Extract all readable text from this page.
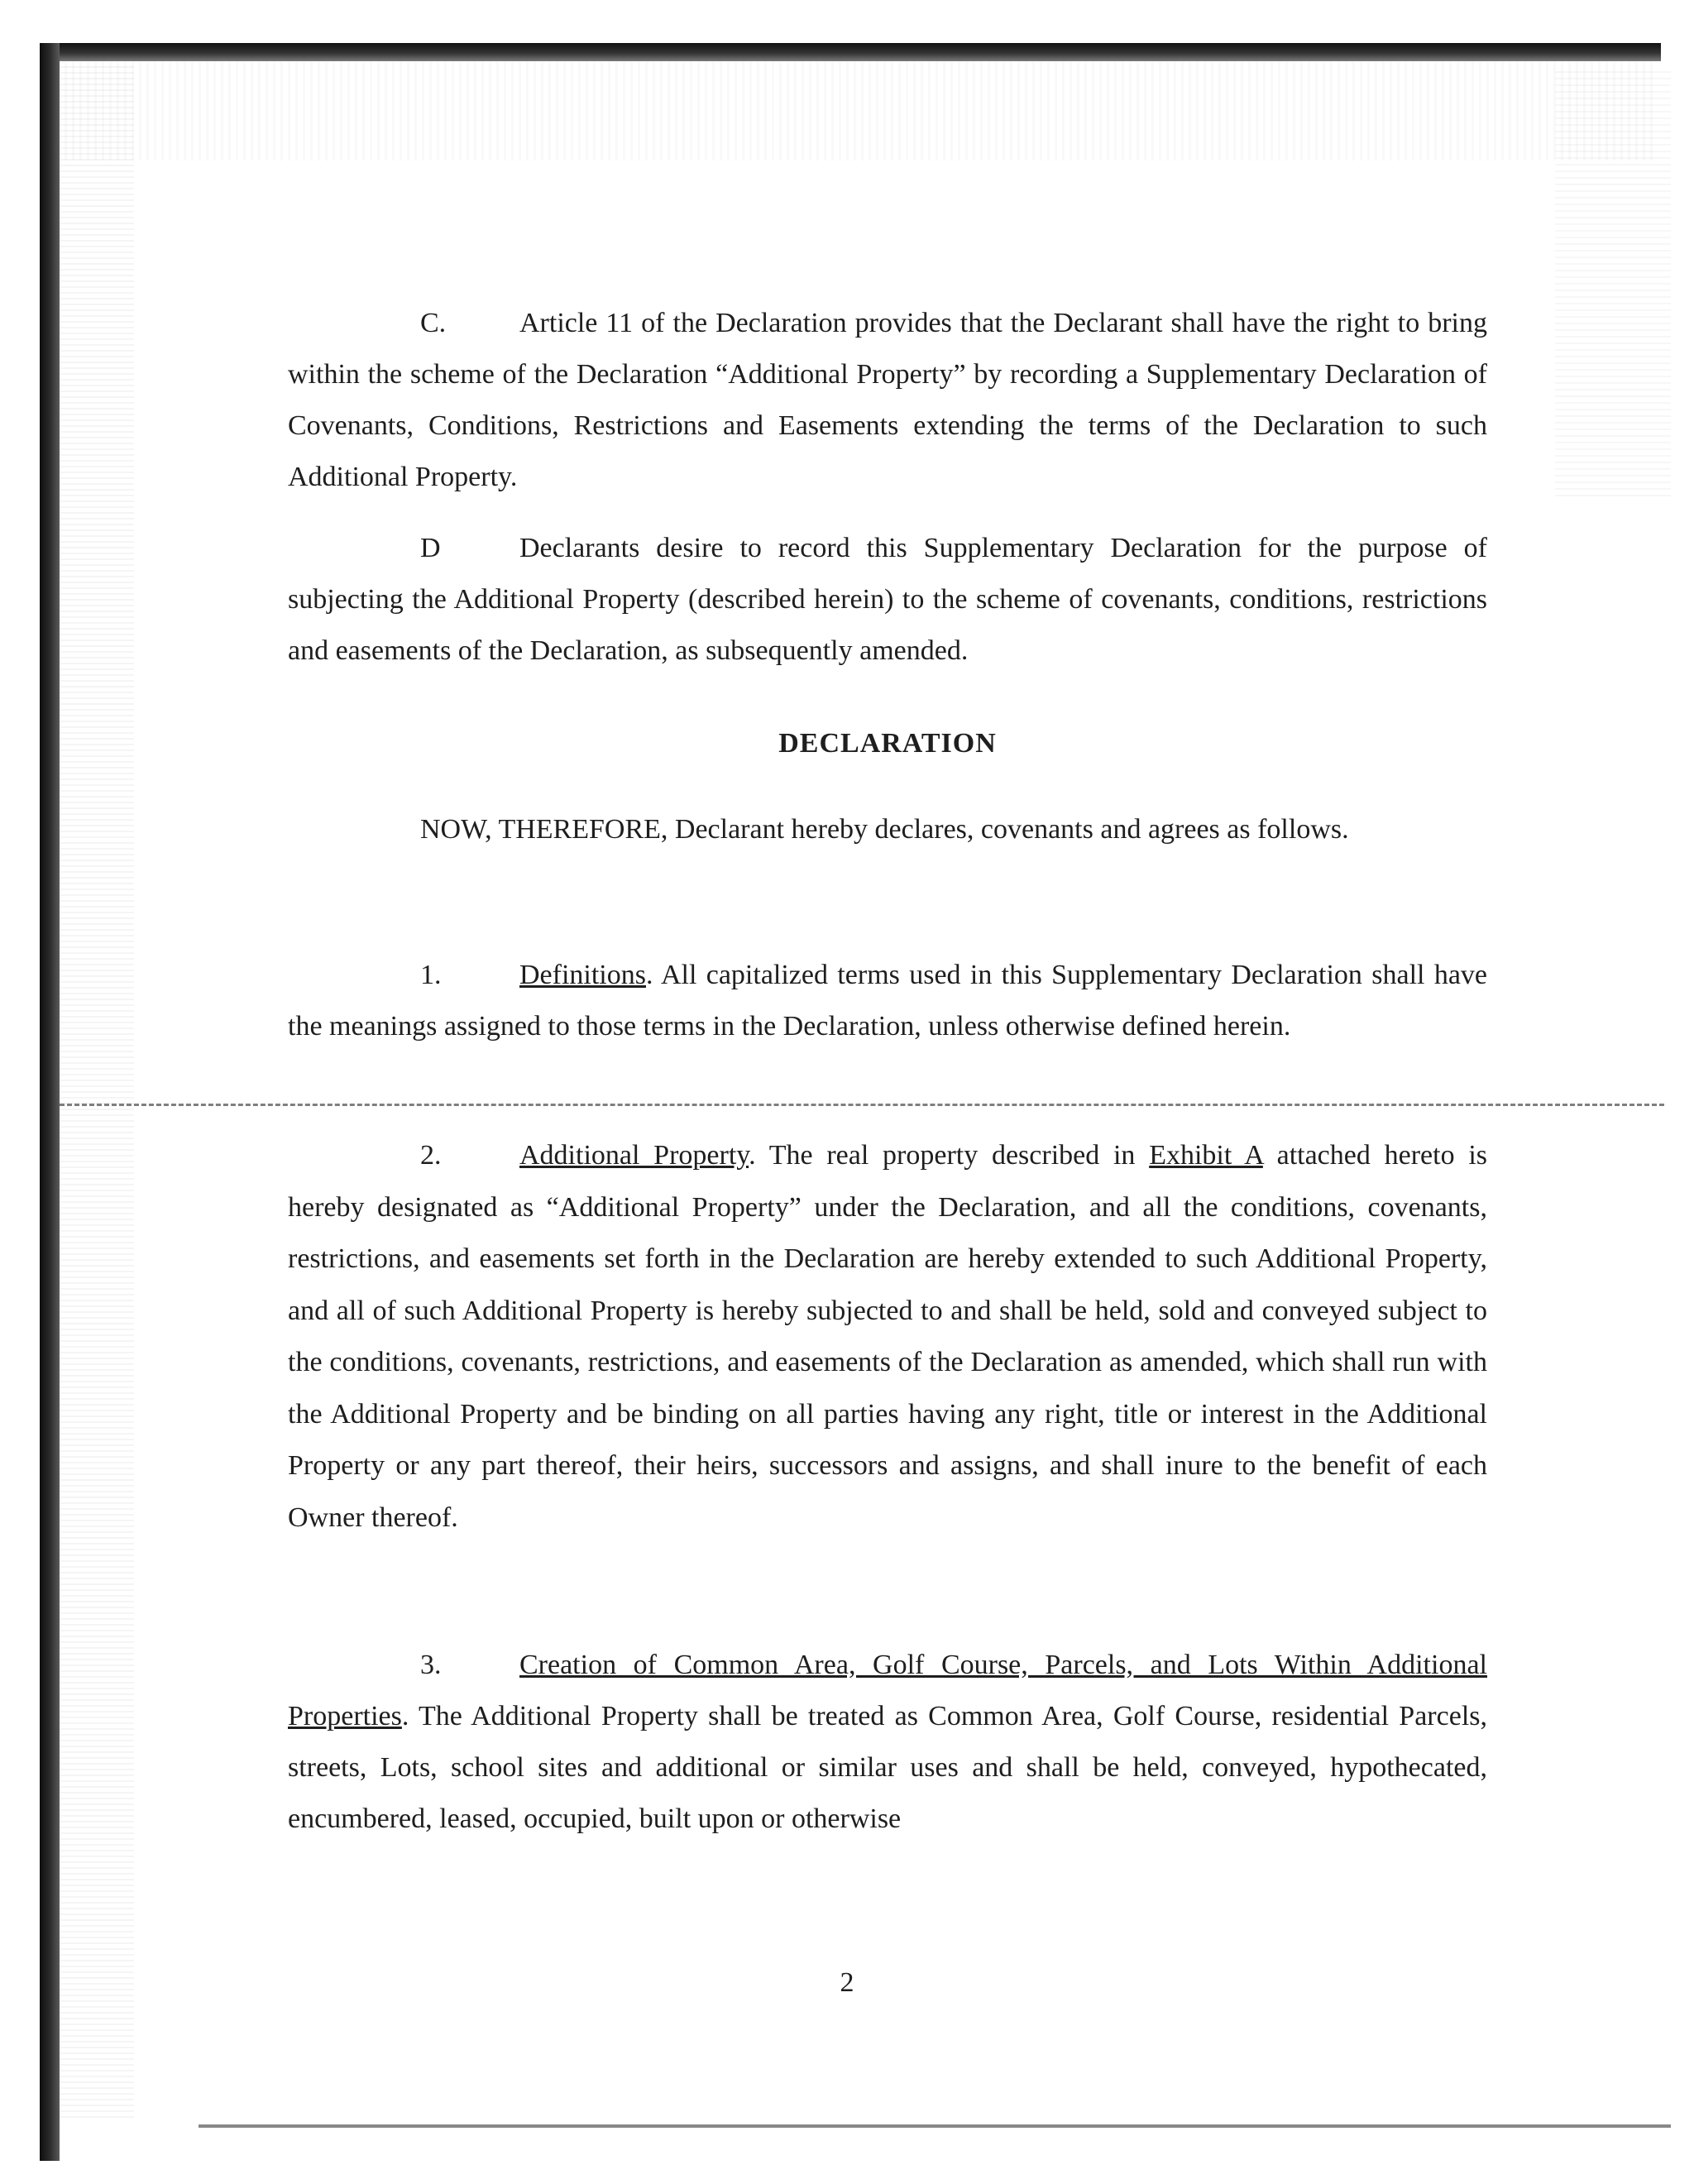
C.	Article 11 of the Declaration provides that the Declarant shall have the right to bring within the scheme of the Declaration “Additional Property” by recording a Supplementary Declaration of Covenants, Conditions, Restrictions and Easements extending the terms of the Declaration to such Additional Property.

D	Declarants desire to record this Supplementary Declaration for the purpose of subjecting the Additional Property (described herein) to the scheme of covenants, conditions, restrictions and easements of the Declaration, as subsequently amended.

DECLARATION

NOW, THEREFORE, Declarant hereby declares, covenants and agrees as follows.

1.	Definitions. All capitalized terms used in this Supplementary Declaration shall have the meanings assigned to those terms in the Declaration, unless otherwise defined herein.

2.	Additional Property. The real property described in Exhibit A attached hereto is hereby designated as “Additional Property” under the Declaration, and all the conditions, covenants, restrictions, and easements set forth in the Declaration are hereby extended to such Additional Property, and all of such Additional Property is hereby subjected to and shall be held, sold and conveyed subject to the conditions, covenants, restrictions, and easements of the Declaration as amended, which shall run with the Additional Property and be binding on all parties having any right, title or interest in the Additional Property or any part thereof, their heirs, successors and assigns, and shall inure to the benefit of each Owner thereof.

3.	Creation of Common Area, Golf Course, Parcels, and Lots Within Additional Properties. The Additional Property shall be treated as Common Area, Golf Course, residential Parcels, streets, Lots, school sites and additional or similar uses and shall be held, conveyed, hypothecated, encumbered, leased, occupied, built upon or otherwise

2
